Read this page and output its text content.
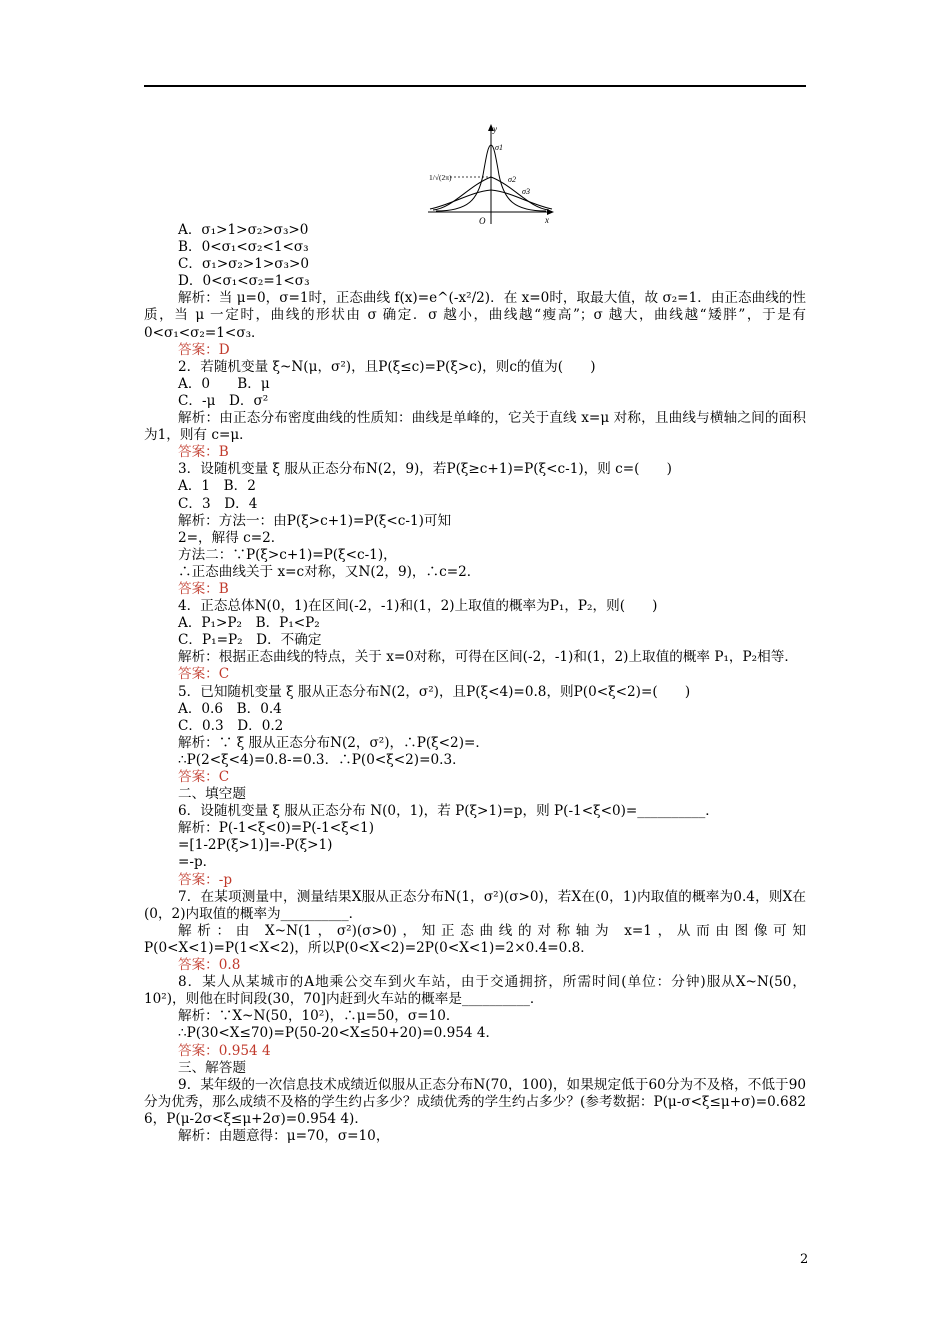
y
x
O
1/√(2π)
σ1
σ2
σ3
A．σ₁>1>σ₂>σ₃>0
B．0<σ₁<σ₂<1<σ₃
C．σ₁>σ₂>1>σ₃>0
D．0<σ₁<σ₂=1<σ₃
解析：当 μ=0，σ=1时，正态曲线 f(x)=e^(-x²/2)．在 x=0时，取最大值，故 σ₂=1．由正态曲线的性质，当 μ 一定时，曲线的形状由 σ 确定．σ 越小，曲线越“瘦高”；σ 越大，曲线越“矮胖”，于是有0<σ₁<σ₂=1<σ₃．
答案：D
2．若随机变量 ξ~N(μ，σ²)，且P(ξ≤c)=P(ξ>c)，则c的值为(　　)
A．0　　B．μ
C．-μ　D．σ²
解析：由正态分布密度曲线的性质知：曲线是单峰的，它关于直线 x=μ 对称，且曲线与横轴之间的面积为1，则有 c=μ．
答案：B
3．设随机变量 ξ 服从正态分布N(2，9)，若P(ξ≥c+1)=P(ξ<c-1)，则 c=(　　)
A．1　B．2
C．3　D．4
解析：方法一：由P(ξ>c+1)=P(ξ<c-1)可知
2=，解得 c=2．
方法二：∵P(ξ>c+1)=P(ξ<c-1)，
∴正态曲线关于 x=c对称，又N(2，9)，∴c=2．
答案：B
4．正态总体N(0，1)在区间(-2，-1)和(1，2)上取值的概率为P₁，P₂，则(　　)
A．P₁>P₂　B．P₁<P₂
C．P₁=P₂　D．不确定
解析：根据正态曲线的特点，关于 x=0对称，可得在区间(-2，-1)和(1，2)上取值的概率 P₁，P₂相等．
答案：C
5．已知随机变量 ξ 服从正态分布N(2，σ²)，且P(ξ<4)=0.8，则P(0<ξ<2)=(　　)
A．0.6　B．0.4
C．0.3　D．0.2
解析：∵ ξ 服从正态分布N(2，σ²)，∴P(ξ<2)=．
∴P(2<ξ<4)=0.8-=0.3．∴P(0<ξ<2)=0.3．
答案：C
二、填空题
6．设随机变量 ξ 服从正态分布 N(0，1)，若 P(ξ>1)=p，则 P(-1<ξ<0)=__________．
解析：P(-1<ξ<0)=P(-1<ξ<1)
=[1-2P(ξ>1)]=-P(ξ>1)
=-p．
答案：-p
7．在某项测量中，测量结果X服从正态分布N(1，σ²)(σ>0)，若X在(0，1)内取值的概率为0.4，则X在(0，2)内取值的概率为__________．
解析：由 X~N(1，σ²)(σ>0)，知正态曲线的对称轴为 x=1，从而由图像可知P(0<X<1)=P(1<X<2)，所以P(0<X<2)=2P(0<X<1)=2×0.4=0.8．
答案：0.8
8．某人从某城市的A地乘公交车到火车站，由于交通拥挤，所需时间(单位：分钟)服从X~N(50，10²)，则他在时间段(30，70]内赶到火车站的概率是__________．
解析：∵X~N(50，10²)，∴μ=50，σ=10．
∴P(30<X≤70)=P(50-20<X≤50+20)=0.954 4．
答案：0.954 4
三、解答题
9．某年级的一次信息技术成绩近似服从正态分布N(70，100)，如果规定低于60分为不及格，不低于90分为优秀，那么成绩不及格的学生约占多少？成绩优秀的学生约占多少？(参考数据：P(μ-σ<ξ≤μ+σ)=0.682 6，P(μ-2σ<ξ≤μ+2σ)=0.954 4)．
解析：由题意得：μ=70，σ=10，
2
